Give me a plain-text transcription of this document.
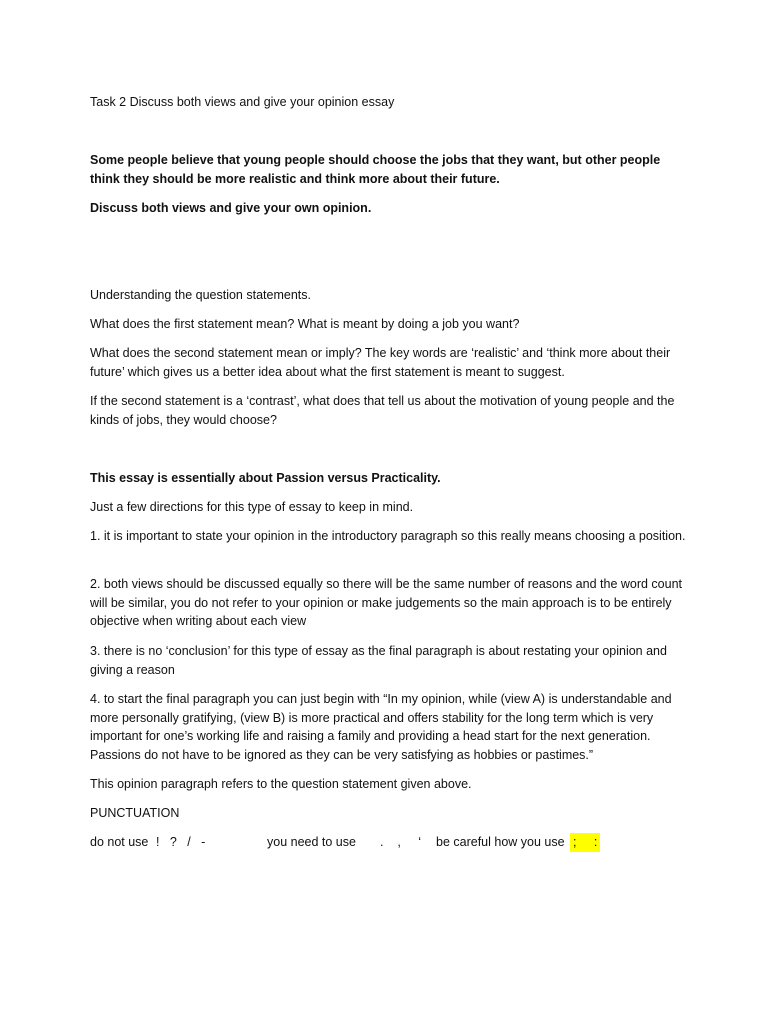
Task 2 Discuss both views and give your opinion essay

Some people believe that young people should choose the jobs that they want, but other people think they should be more realistic and think more about their future.

Discuss both views and give your own opinion.

Understanding the question statements.

What does the first statement mean? What is meant by doing a job you want?

What does the second statement mean or imply? The key words are ‘realistic’ and ‘think more about their future’ which gives us a better idea about what the first statement is meant to suggest.

If the second statement is a ‘contrast’, what does that tell us about the motivation of young people and the kinds of jobs, they would choose?

This essay is essentially about Passion versus Practicality.

Just a few directions for this type of essay to keep in mind.

1. it is important to state your opinion in the introductory paragraph so this really means choosing a position.

2. both views should be discussed equally so there will be the same number of reasons and the word count will be similar, you do not refer to your opinion or make judgements so the main approach is to be entirely objective when writing about each view

3. there is no ‘conclusion’ for this type of essay as the final paragraph is about restating your opinion and giving a reason

4. to start the final paragraph you can just begin with “In my opinion, while (view A) is understandable and more personally gratifying, (view B) is more practical and offers stability for the long term which is very important for one’s working life and raising a family and providing a head start for the next generation. Passions do not have to be ignored as they can be very satisfying as hobbies or pastimes.”

This opinion paragraph refers to the question statement given above.

PUNCTUATION

do not use

!   ?   /   -

	you need to use

.    ,     ‘

be careful how you use

;     :
